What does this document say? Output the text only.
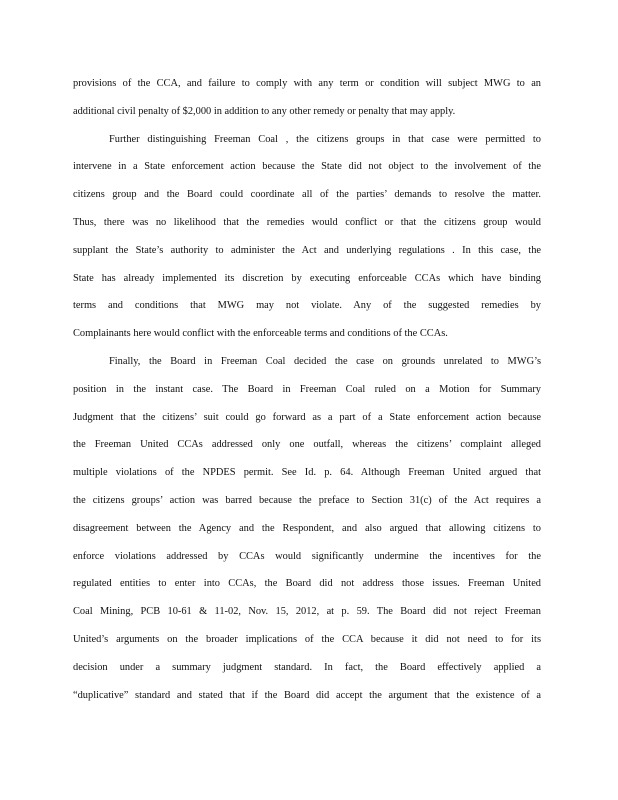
provisions of the CCA, and failure to comply with any term or condition will subject MWG to an
additional civil penalty of $2,000 in addition to any other remedy or penalty that may apply.
Further distinguishing Freeman Coal , the citizens groups in that case were permitted to
intervene in a State enforcement action because the State did not object to the involvement of the
citizens group and the Board could coordinate all of the parties’ demands to resolve the matter.
Thus, there was no likelihood that the remedies would conflict or that the citizens group would
supplant the State’s authority to administer the Act and underlying regulations . In this case, the
State has already implemented its discretion by executing enforceable CCAs which have binding
terms and conditions that MWG may not violate. Any of the suggested remedies by
Complainants here would conflict with the enforceable terms and conditions of the CCAs.
Finally, the Board in Freeman Coal decided the case on grounds unrelated to MWG’s
position in the instant case. The Board in Freeman Coal ruled on a Motion for Summary
Judgment that the citizens’ suit could go forward as a part of a State enforcement action because
the Freeman United CCAs addressed only one outfall, whereas the citizens’ complaint alleged
multiple violations of the NPDES permit. See Id. p. 64. Although Freeman United argued that
the citizens groups’ action was barred because the preface to Section 31(c) of the Act requires a
disagreement between the Agency and the Respondent, and also argued that allowing citizens to
enforce violations addressed by CCAs would significantly undermine the incentives for the
regulated entities to enter into CCAs, the Board did not address those issues. Freeman United
Coal Mining, PCB 10-61 & 11-02, Nov. 15, 2012, at p. 59. The Board did not reject Freeman
United’s arguments on the broader implications of the CCA because it did not need to for its
decision under a summary judgment standard. In fact, the Board effectively applied a
“duplicative” standard and stated that if the Board did accept the argument that the existence of a
